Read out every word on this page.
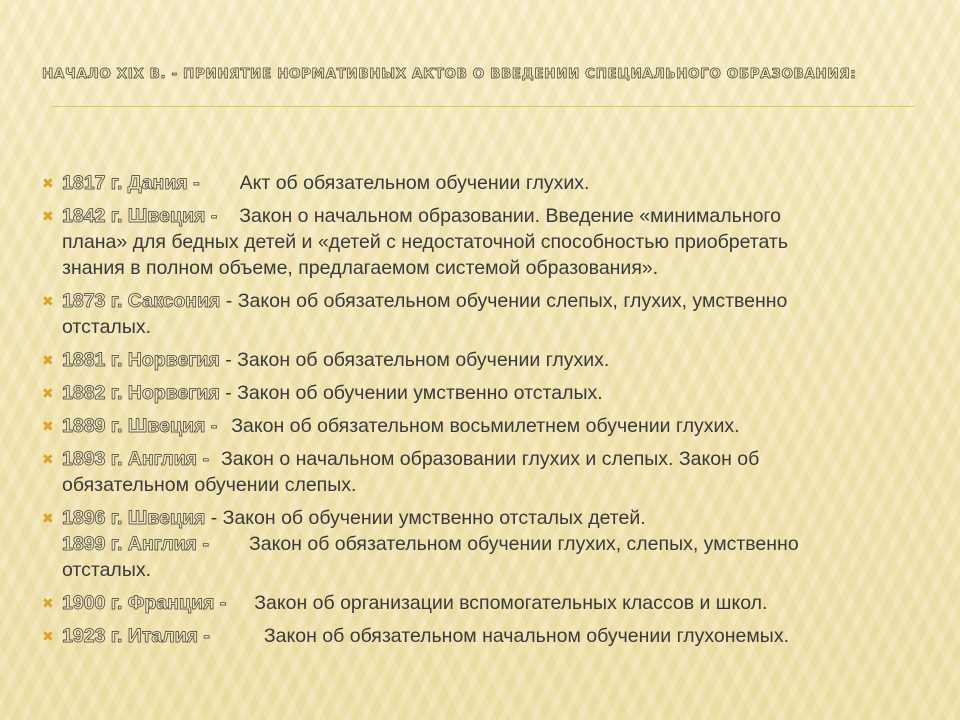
НАЧАЛО XIX В. - ПРИНЯТИЕ НОРМАТИВНЫХ АКТОВ О ВВЕДЕНИИ СПЕЦИАЛЬНОГО ОБРАЗОВАНИЯ:
✖ 1817 г. Дания - Акт об обязательном обучении глухих.
✖ 1842 г. Швеция - Закон о начальном образовании. Введение «минимального
плана» для бедных детей и «детей с недостаточной способностью приобретать
знания в полном объеме, предлагаемом системой образования».
✖ 1873 г. Саксония - Закон об обязательном обучении слепых, глухих, умственно
отсталых.
✖ 1881 г. Норвегия - Закон об обязательном обучении глухих.
✖ 1882 г. Норвегия - Закон об обучении умственно отсталых.
✖ 1889 г. Швеция - Закон об обязательном восьмилетнем обучении глухих.
✖ 1893 г. Англия - Закон о начальном образовании глухих и слепых. Закон об
обязательном обучении слепых.
✖ 1896 г. Швеция - Закон об обучении умственно отсталых детей.
1899 г. Англия - Закон об обязательном обучении глухих, слепых, умственно
отсталых.
✖ 1900 г. Франция - Закон об организации вспомогательных классов и школ.
✖ 1923 г. Италия -	Закон об обязательном начальном обучении глухонемых.
